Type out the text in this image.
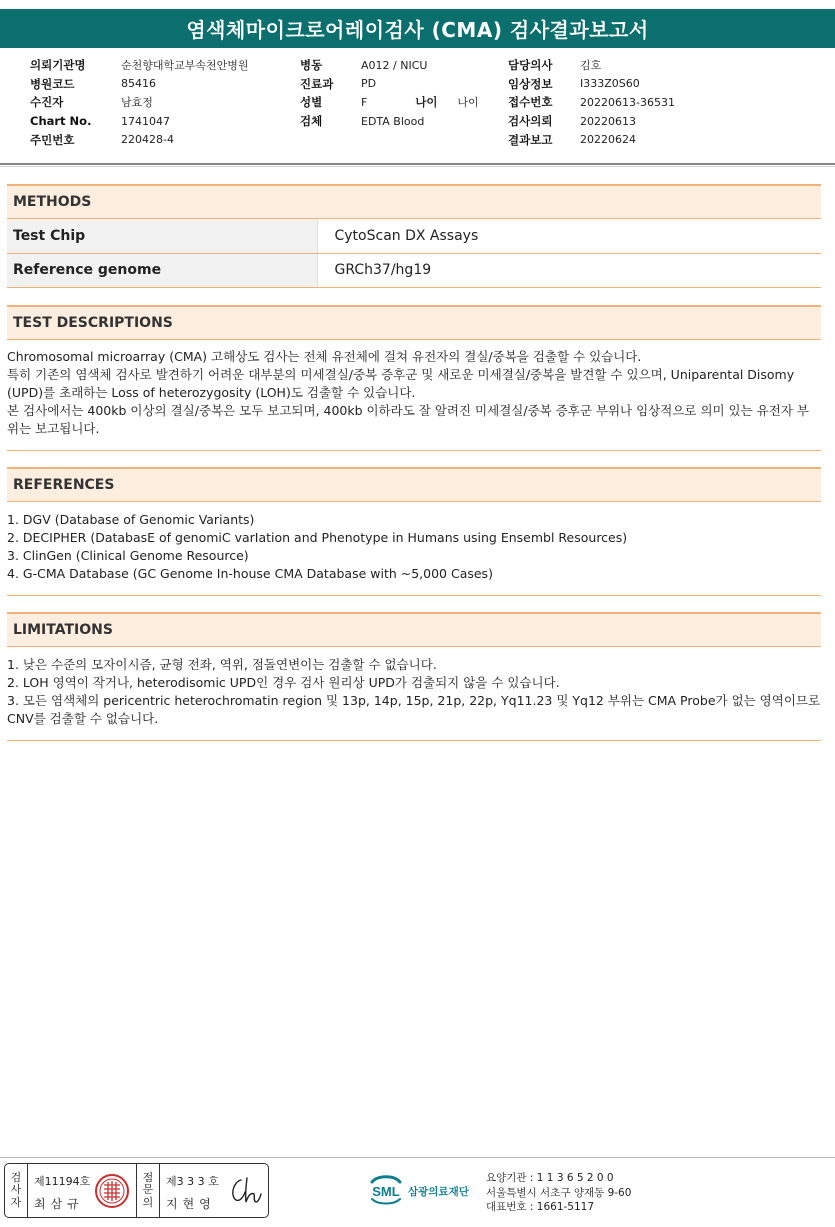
염색체마이크로어레이검사 (CMA) 검사결과보고서
의뢰기관명	순천향대학교부속천안병원
병원코드	85416
수진자	남효정
Chart No.	1741047
주민번호	220428-4
병동	A012 / NICU
진료과	PD
성별	F	나이	나이
검체	EDTA Blood
담당의사	김호
임상정보	I333Z0S60
접수번호	20220613-36531
검사의뢰	20220613
결과보고	20220624
METHODS
Test Chip	CytoScan DX Assays
Reference genome	GRCh37/hg19
TEST DESCRIPTIONS

Chromosomal microarray (CMA) 고해상도 검사는 전체 유전체에 걸쳐 유전자의 결실/중복을 검출할 수 있습니다.

특히 기존의 염색체 검사로 발견하기 어려운 대부분의 미세결실/중복 증후군 및 새로운 미세결실/중복을 발견할 수 있으며, Uniparental Disomy (UPD)를 초래하는 Loss of heterozygosity (LOH)도 검출할 수 있습니다.

본 검사에서는 400kb 이상의 결실/중복은 모두 보고되며, 400kb 이하라도 잘 알려진 미세결실/중복 증후군 부위나 임상적으로 의미 있는 유전자 부위는 보고됩니다.

REFERENCES

1. DGV (Database of Genomic Variants)

2. DECIPHER (DatabasE of genomiC varIation and Phenotype in Humans using Ensembl Resources)

3. ClinGen (Clinical Genome Resource)

4. G-CMA Database (GC Genome In-house CMA Database with ~5,000 Cases)

LIMITATIONS

1. 낮은 수준의 모자이시즘, 균형 전좌, 역위, 점돌연변이는 검출할 수 없습니다.

2. LOH 영역이 작거나, heterodisomic UPD인 경우 검사 원리상 UPD가 검출되지 않을 수 있습니다.

3. 모든 염색체의 pericentric heterochromatin region 및 13p, 14p, 15p, 21p, 22p, Yq11.23 및 Yq12 부위는 CMA Probe가 없는 영역이므로 CNV를 검출할 수 없습니다.

검
사
자
제11194호
최삼규
점
문
의
제3 3 3 호
지현영
SML 삼광의료재단
요양기관 : 1 1 3 6 5 2 0 0
서울특별시 서초구 양재동 9-60
대표번호 : 1661-5117
